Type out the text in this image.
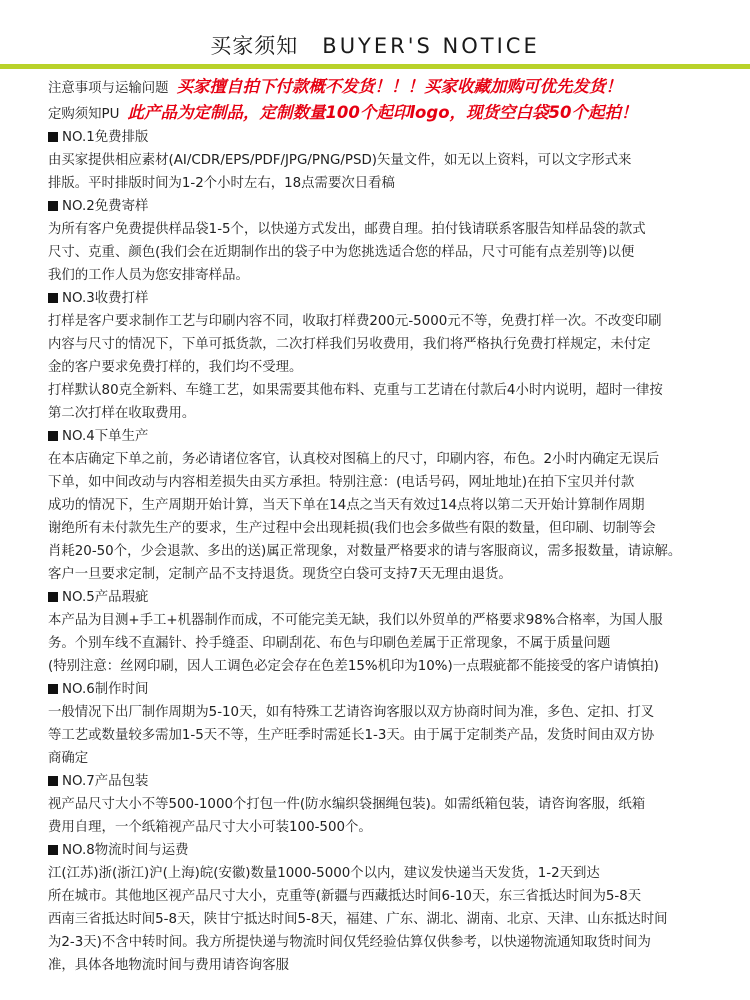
买家须知 BUYER'S NOTICE
注意事项与运输问题 买家擅自拍下付款概不发货！！！买家收藏加购可优先发货！
定购须知PU 此产品为定制品，定制数量100个起印logo，现货空白袋50个起拍！
NO.1免费排版
由买家提供相应素材(AI/CDR/EPS/PDF/JPG/PNG/PSD)矢量文件，如无以上资料，可以文字形式来
排版。平时排版时间为1-2个小时左右，18点需要次日看稿
NO.2免费寄样
为所有客户免费提供样品袋1-5个，以快递方式发出，邮费自理。拍付钱请联系客服告知样品袋的款式
尺寸、克重、颜色(我们会在近期制作出的袋子中为您挑选适合您的样品，尺寸可能有点差别等)以便
我们的工作人员为您安排寄样品。
NO.3收费打样
打样是客户要求制作工艺与印刷内容不同，收取打样费200元-5000元不等，免费打样一次。不改变印刷
内容与尺寸的情况下，下单可抵货款，二次打样我们另收费用，我们将严格执行免费打样规定，未付定
金的客户要求免费打样的，我们均不受理。
打样默认80克全新料、车缝工艺，如果需要其他布料、克重与工艺请在付款后4小时内说明，超时一律按
第二次打样在收取费用。
NO.4下单生产
在本店确定下单之前，务必请诸位客官，认真校对图稿上的尺寸，印刷内容，布色。2小时内确定无误后
下单，如中间改动与内容相差损失由买方承担。特别注意：(电话号码，网址地址)在拍下宝贝并付款
成功的情况下，生产周期开始计算，当天下单在14点之当天有效过14点将以第二天开始计算制作周期
谢绝所有未付款先生产的要求，生产过程中会出现耗损(我们也会多做些有限的数量，但印刷、切制等会
肖耗20-50个，少会退款、多出的送)属正常现象，对数量严格要求的请与客服商议，需多报数量，请谅解。
客户一旦要求定制，定制产品不支持退货。现货空白袋可支持7天无理由退货。
NO.5产品瑕疵
本产品为目测+手工+机器制作而成，不可能完美无缺，我们以外贸单的严格要求98%合格率，为国人服
务。个别车线不直漏针、拎手缝歪、印刷刮花、布色与印刷色差属于正常现象，不属于质量问题
(特别注意：丝网印刷，因人工调色必定会存在色差15%机印为10%)一点瑕疵都不能接受的客户请慎拍)
NO.6制作时间
一般情况下出厂制作周期为5-10天，如有特殊工艺请咨询客服以双方协商时间为准，多色、定扣、打叉
等工艺或数量较多需加1-5天不等，生产旺季时需延长1-3天。由于属于定制类产品，发货时间由双方协
商确定
NO.7产品包装
视产品尺寸大小不等500-1000个打包一件(防水编织袋捆绳包装)。如需纸箱包装，请咨询客服，纸箱
费用自理，一个纸箱视产品尺寸大小可装100-500个。
NO.8物流时间与运费
江(江苏)浙(浙江)沪(上海)皖(安徽)数量1000-5000个以内，建议发快递当天发货，1-2天到达
所在城市。其他地区视产品尺寸大小，克重等(新疆与西藏抵达时间6-10天，东三省抵达时间为5-8天
西南三省抵达时间5-8天，陕甘宁抵达时间5-8天，福建、广东、湖北、湖南、北京、天津、山东抵达时间
为2-3天)不含中转时间。我方所提快递与物流时间仅凭经验估算仅供参考，以快递物流通知取货时间为
准，具体各地物流时间与费用请咨询客服
